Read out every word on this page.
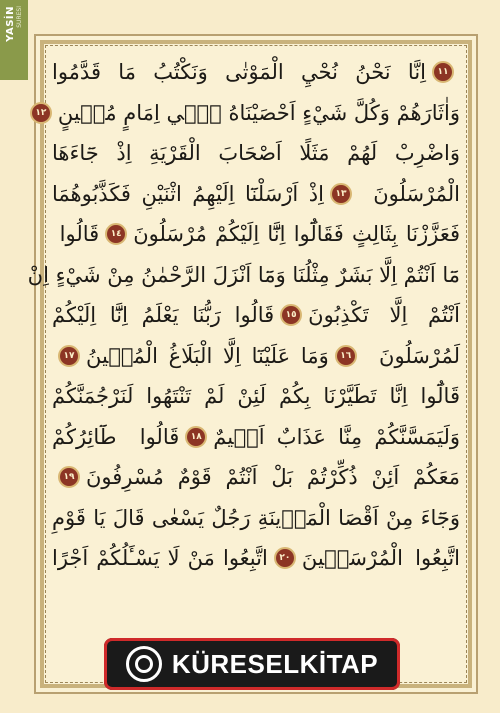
YASİN SURESİ
١١
اِنَّا نَحْنُ نُحْيِ الْمَوْتٰى وَنَكْتُبُ مَا قَدَّمُوا
وَاٰثَارَهُمْ وَكُلَّ شَيْءٍ اَحْصَيْنَاهُ ف۪ٓي اِمَامٍ مُب۪ينٍ
١٢
وَاضْرِبْ لَهُمْ مَثَلًا اَصْحَابَ الْقَرْيَةِ اِذْ جَٓاءَهَا
الْمُرْسَلُونَ
١٣
اِذْ اَرْسَلْنَٓا اِلَيْهِمُ اثْنَيْنِ فَكَذَّبُوهُمَا
فَعَزَّزْنَا بِثَالِثٍ فَقَالُٓوا اِنَّٓا اِلَيْكُمْ مُرْسَلُونَ
١٤
قَالُوا
مَٓا اَنْتُمْ اِلَّا بَشَرٌ مِثْلُنَا وَمَٓا اَنْزَلَ الرَّحْمٰنُ مِنْ شَيْءٍ اِنْ
اَنْتُمْ اِلَّا تَكْذِبُونَ
١٥
قَالُوا رَبُّنَا يَعْلَمُ اِنَّٓا اِلَيْكُمْ
لَمُرْسَلُونَ
١٦
وَمَا عَلَيْنَٓا اِلَّا الْبَلَاغُ الْمُب۪ينُ
١٧
قَالُٓوا اِنَّا تَطَيَّرْنَا بِكُمْ لَئِنْ لَمْ تَنْتَهُوا لَنَرْجُمَنَّكُمْ
وَلَيَمَسَّنَّكُمْ مِنَّا عَذَابٌ اَل۪يمٌ
١٨
قَالُوا طَٓائِرُكُمْ
مَعَكُمْ اَئِنْ ذُكِّرْتُمْ بَلْ اَنْتُمْ قَوْمٌ مُسْرِفُونَ
١٩
وَجَٓاءَ مِنْ اَقْصَا الْمَد۪ينَةِ رَجُلٌ يَسْعٰى قَالَ يَا قَوْمِ
اتَّبِعُوا الْمُرْسَل۪ينَ
٢٠
اتَّبِعُوا مَنْ لَا يَسْـَٔلُكُمْ اَجْرًا
KÜRESELKİTAP
